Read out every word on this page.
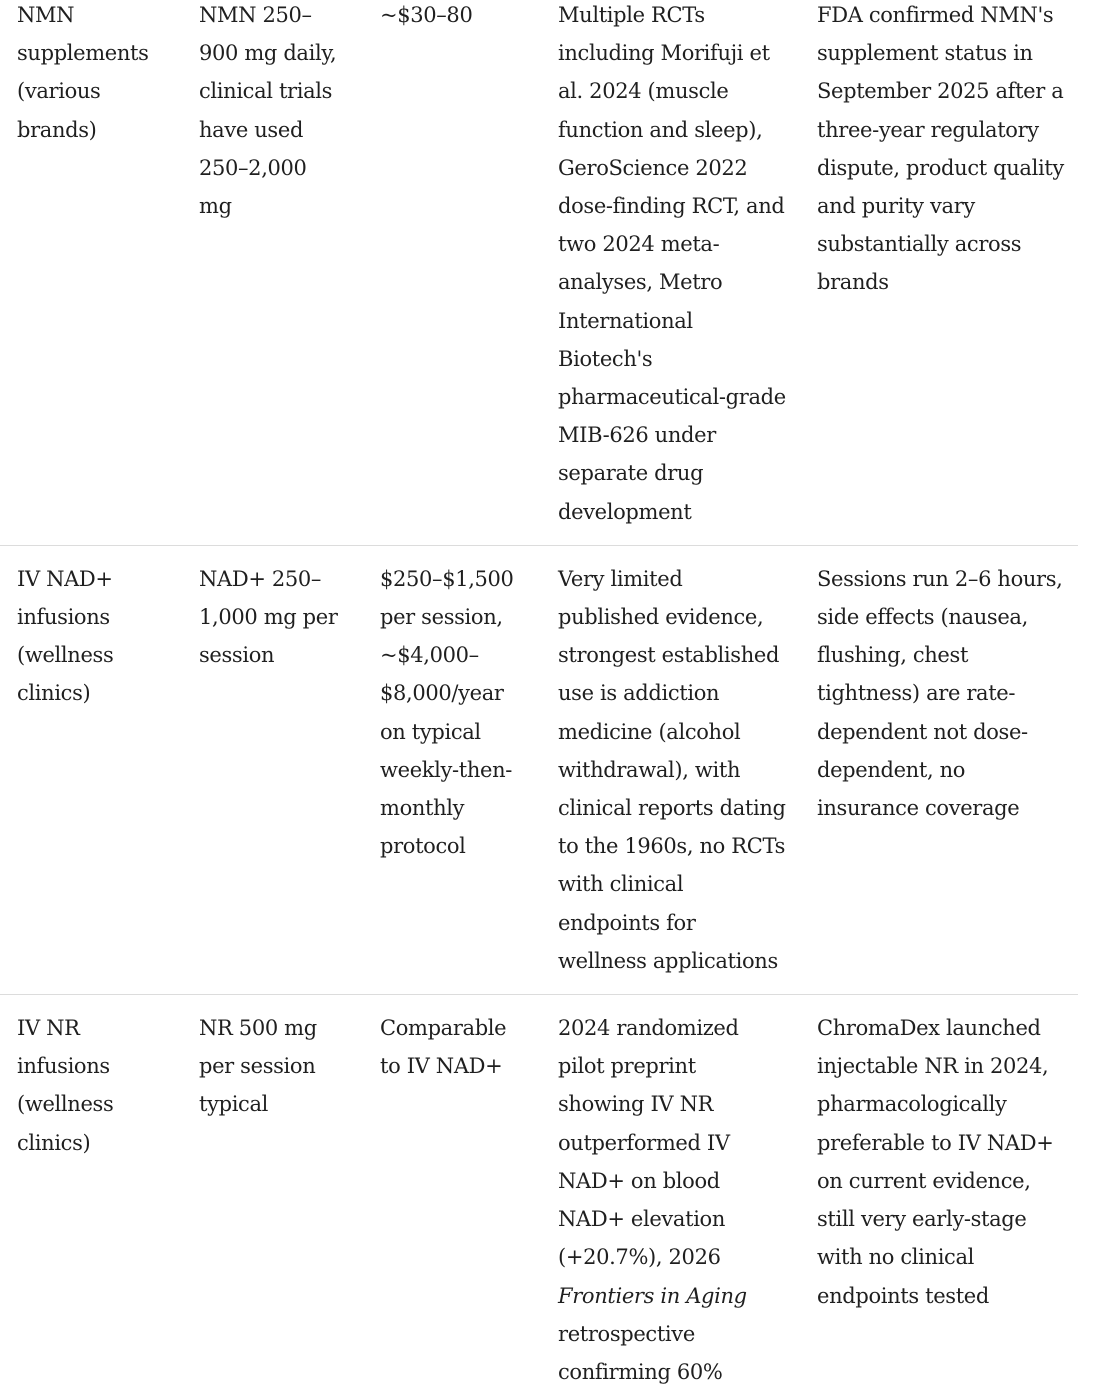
NMN supplements (various brands)	NMN 250–900 mg daily, clinical trials have used 250–2,000 mg	~$30–80	Multiple RCTs including Morifuji et al. 2024 (muscle function and sleep), GeroScience 2022 dose-finding RCT, and two 2024 meta-analyses, Metro International Biotech's pharmaceutical-grade MIB-626 under separate drug development	FDA confirmed NMN's supplement status in September 2025 after a three-year regulatory dispute, product quality and purity vary substantially across brands
IV NAD+ infusions (wellness clinics)	NAD+ 250–1,000 mg per session	$250–$1,500 per session, ~$4,000–$8,000/year on typical weekly-then-monthly protocol	Very limited published evidence, strongest established use is addiction medicine (alcohol withdrawal), with clinical reports dating to the 1960s, no RCTs with clinical endpoints for wellness applications	Sessions run 2–6 hours, side effects (nausea, flushing, chest tightness) are rate-dependent not dose-dependent, no insurance coverage
IV NR infusions (wellness clinics)	NR 500 mg per session typical	Comparable to IV NAD+	2024 randomized pilot preprint showing IV NR outperformed IV NAD+ on blood NAD+ elevation (+20.7%), 2026 Frontiers in Aging retrospective confirming 60%	ChromaDex launched injectable NR in 2024, pharmacologically preferable to IV NAD+ on current evidence, still very early-stage with no clinical endpoints tested
